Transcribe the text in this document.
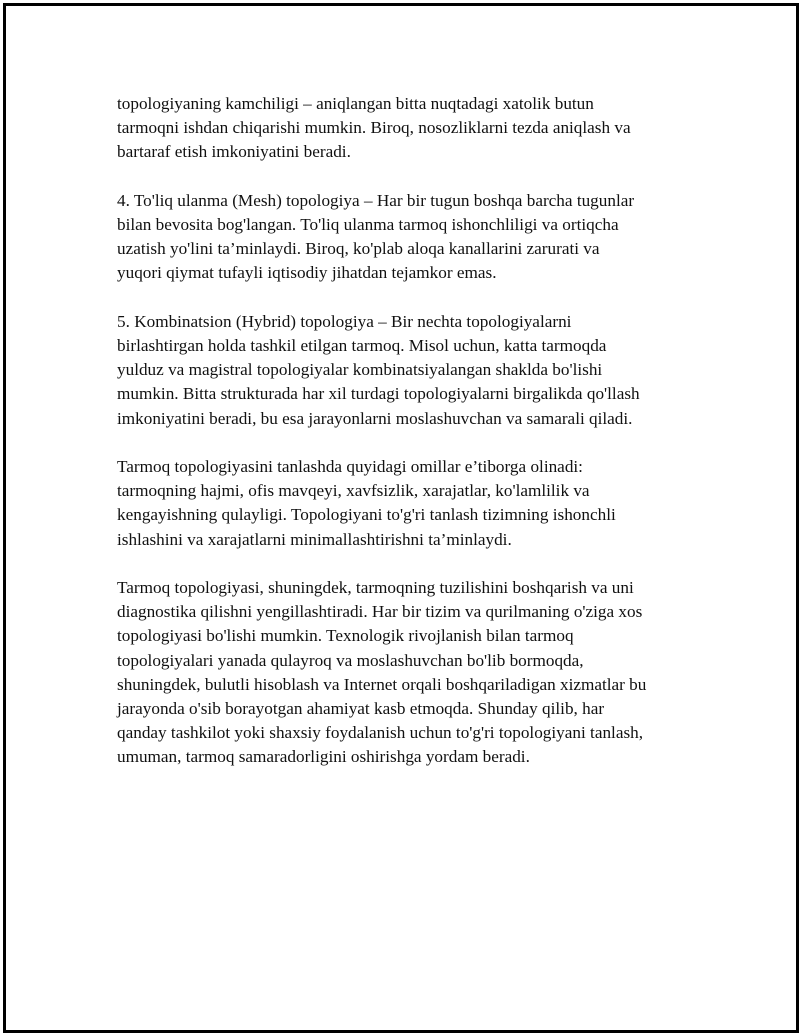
topologiyaning kamchiligi – aniqlangan bitta nuqtadagi xatolik butun
tarmoqni ishdan chiqarishi mumkin. Biroq, nosozliklarni tezda aniqlash va
bartaraf etish imkoniyatini beradi.

4. To'liq ulanma (Mesh) topologiya – Har bir tugun boshqa barcha tugunlar
bilan bevosita bog'langan. To'liq ulanma tarmoq ishonchliligi va ortiqcha
uzatish yo'lini ta’minlaydi. Biroq, ko'plab aloqa kanallarini zarurati va
yuqori qiymat tufayli iqtisodiy jihatdan tejamkor emas.

5. Kombinatsion (Hybrid) topologiya – Bir nechta topologiyalarni
birlashtirgan holda tashkil etilgan tarmoq. Misol uchun, katta tarmoqda
yulduz va magistral topologiyalar kombinatsiyalangan shaklda bo'lishi
mumkin. Bitta strukturada har xil turdagi topologiyalarni birgalikda qo'llash
imkoniyatini beradi, bu esa jarayonlarni moslashuvchan va samarali qiladi.

Tarmoq topologiyasini tanlashda quyidagi omillar e’tiborga olinadi:
tarmoqning hajmi, ofis mavqeyi, xavfsizlik, xarajatlar, ko'lamlilik va
kengayishning qulayligi. Topologiyani to'g'ri tanlash tizimning ishonchli
ishlashini va xarajatlarni minimallashtirishni ta’minlaydi.

Tarmoq topologiyasi, shuningdek, tarmoqning tuzilishini boshqarish va uni
diagnostika qilishni yengillashtiradi. Har bir tizim va qurilmaning o'ziga xos
topologiyasi bo'lishi mumkin. Texnologik rivojlanish bilan tarmoq
topologiyalari yanada qulayroq va moslashuvchan bo'lib bormoqda,
shuningdek, bulutli hisoblash va Internet orqali boshqariladigan xizmatlar bu
jarayonda o'sib borayotgan ahamiyat kasb etmoqda. Shunday qilib, har
qanday tashkilot yoki shaxsiy foydalanish uchun to'g'ri topologiyani tanlash,
umuman, tarmoq samaradorligini oshirishga yordam beradi.
